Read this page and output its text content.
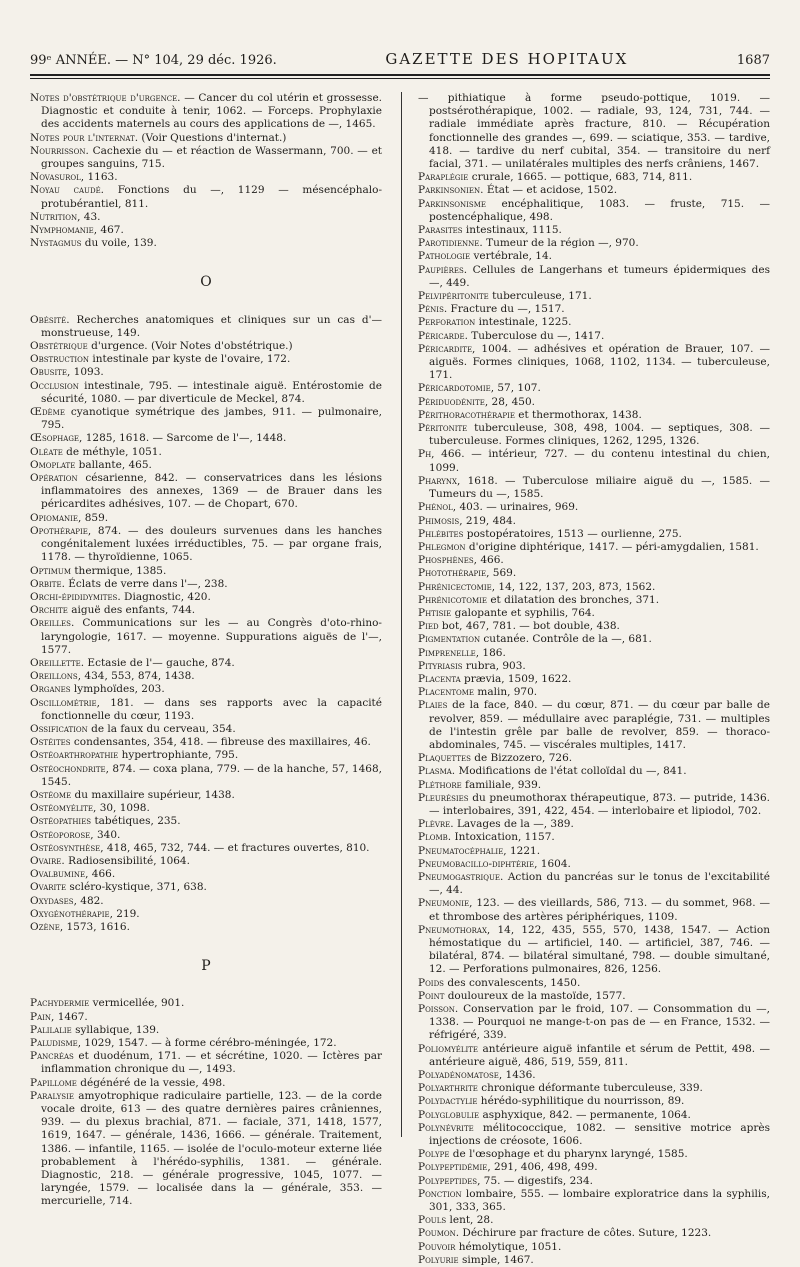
99ᵉ ANNÉE. — N° 104, 29 déc. 1926.	GAZETTE DES HOPITAUX	1687

Notes d'obstétrique d'urgence. — Cancer du col utérin et grossesse. Diagnostic et conduite à tenir, 1062. — Forceps. Prophylaxie des accidents maternels au cours des applications de —, 1465.

Notes pour l'internat. (Voir Questions d'internat.)

Nourrisson. Cachexie du — et réaction de Wassermann, 700. — et groupes sanguins, 715.

Novasurol, 1163.

Noyau caudé. Fonctions du —, 1129 — mésencéphalo-protubérantiel, 811.

Nutrition, 43.

Nymphomanie, 467.

Nystagmus du voile, 139.

O

Obésité. Recherches anatomiques et cliniques sur un cas d'— monstrueuse, 149.

Obstétrique d'urgence. (Voir Notes d'obstétrique.)

Obstruction intestinale par kyste de l'ovaire, 172.

Obusite, 1093.

Occlusion intestinale, 795. — intestinale aiguë. Entérostomie de sécurité, 1080. — par diverticule de Meckel, 874.

Œdème cyanotique symétrique des jambes, 911. — pulmonaire, 795.

Œsophage, 1285, 1618. — Sarcome de l'—, 1448.

Oléate de méthyle, 1051.

Omoplate ballante, 465.

Opération césarienne, 842. — conservatrices dans les lésions inflammatoires des annexes, 1369 — de Brauer dans les péricardites adhésives, 107. — de Chopart, 670.

Opiomanie, 859.

Opothérapie, 874. — des douleurs survenues dans les hanches congénitalement luxées irréductibles, 75. — par organe frais, 1178. — thyroïdienne, 1065.

Optimum thermique, 1385.

Orbite. Éclats de verre dans l'—, 238.

Orchi-épididymites. Diagnostic, 420.

Orchite aiguë des enfants, 744.

Oreilles. Communications sur les — au Congrès d'oto-rhino-laryngologie, 1617. — moyenne. Suppurations aiguës de l'—, 1577.

Oreillette. Ectasie de l'— gauche, 874.

Oreillons, 434, 553, 874, 1438.

Organes lymphoïdes, 203.

Oscillométrie, 181. — dans ses rapports avec la capacité fonctionnelle du cœur, 1193.

Ossification de la faux du cerveau, 354.

Ostéites condensantes, 354, 418. — fibreuse des maxillaires, 46.

Ostéoarthropathie hypertrophiante, 795.

Ostéochondrite, 874. — coxa plana, 779. — de la hanche, 57, 1468, 1545.

Ostéome du maxillaire supérieur, 1438.

Ostéomyélite, 30, 1098.

Ostéopathies tabétiques, 235.

Ostéoporose, 340.

Ostéosynthèse, 418, 465, 732, 744. — et fractures ouvertes, 810.

Ovaire. Radiosensibilité, 1064.

Ovalbumine, 466.

Ovarite scléro-kystique, 371, 638.

Oxydases, 482.

Oxygénothérapie, 219.

Ozène, 1573, 1616.

P

Pachydermie vermicellée, 901.

Pain, 1467.

Palilalie syllabique, 139.

Paludisme, 1029, 1547. — à forme cérébro-méningée, 172.

Pancréas et duodénum, 171. — et sécrétine, 1020. — Ictères par inflammation chronique du —, 1493.

Papillome dégénéré de la vessie, 498.

Paralysie amyotrophique radiculaire partielle, 123. — de la corde vocale droite, 613 — des quatre dernières paires crâniennes, 939. — du plexus brachial, 871. — faciale, 371, 1418, 1577, 1619, 1647. — générale, 1436, 1666. — générale. Traitement, 1386. — infantile, 1165. — isolée de l'oculo-moteur externe liée probablement à l'hérédo-syphilis, 1381. — générale. Diagnostic, 218. — générale progressive, 1045, 1077. — laryngée, 1579. — localisée dans la — générale, 353. — mercurielle, 714.

— pithiatique à forme pseudo-pottique, 1019. — postsérothérapique, 1002. — radiale, 93, 124, 731, 744. — radiale immédiate après fracture, 810. — Récupération fonctionnelle des grandes —, 699. — sciatique, 353. — tardive, 418. — tardive du nerf cubital, 354. — transitoire du nerf facial, 371. — unilatérales multiples des nerfs crâniens, 1467.

Paraplégie crurale, 1665. — pottique, 683, 714, 811.

Parkinsonien. État — et acidose, 1502.

Parkinsonisme encéphalitique, 1083. — fruste, 715. — postencéphalique, 498.

Parasites intestinaux, 1115.

Parotidienne. Tumeur de la région —, 970.

Pathologie vertébrale, 14.

Paupières. Cellules de Langerhans et tumeurs épidermiques des —, 449.

Pelvipéritonite tuberculeuse, 171.

Pénis. Fracture du —, 1517.

Perforation intestinale, 1225.

Péricarde. Tuberculose du —, 1417.

Péricardite, 1004. — adhésives et opération de Brauer, 107. — aiguës. Formes cliniques, 1068, 1102, 1134. — tuberculeuse, 171.

Péricardotomie, 57, 107.

Périduodénite, 28, 450.

Périthoracothérapie et thermothorax, 1438.

Péritonite tuberculeuse, 308, 498, 1004. — septiques, 308. — tuberculeuse. Formes cliniques, 1262, 1295, 1326.

Ph, 466. — intérieur, 727. — du contenu intestinal du chien, 1099.

Pharynx, 1618. — Tuberculose miliaire aiguë du —, 1585. — Tumeurs du —, 1585.

Phénol, 403. — urinaires, 969.

Phimosis, 219, 484.

Phlébites postopératoires, 1513 — ourlienne, 275.

Phlegmon d'origine diphtérique, 1417. — péri-amygdalien, 1581.

Phosphènes, 466.

Photothérapie, 569.

Phrénicectomie, 14, 122, 137, 203, 873, 1562.

Phrénicotomie et dilatation des bronches, 371.

Phtisie galopante et syphilis, 764.

Pied bot, 467, 781. — bot double, 438.

Pigmentation cutanée. Contrôle de la —, 681.

Pimprenelle, 186.

Pityriasis rubra, 903.

Placenta prævia, 1509, 1622.

Placentome malin, 970.

Plaies de la face, 840. — du cœur, 871. — du cœur par balle de revolver, 859. — médullaire avec paraplégie, 731. — multiples de l'intestin grêle par balle de revolver, 859. — thoraco-abdominales, 745. — viscérales multiples, 1417.

Plaquettes de Bizzozero, 726.

Plasma. Modifications de l'état colloïdal du —, 841.

Pléthore familiale, 939.

Pleurésies du pneumothorax thérapeutique, 873. — putride, 1436. — interlobaires, 391, 422, 454. — interlobaire et lipiodol, 702.

Plèvre. Lavages de la —, 389.

Plomb. Intoxication, 1157.

Pneumatocéphalie, 1221.

Pneumobacillo-diphtérie, 1604.

Pneumogastrique. Action du pancréas sur le tonus de l'excitabilité —, 44.

Pneumonie, 123. — des vieillards, 586, 713. — du sommet, 968. — et thrombose des artères périphériques, 1109.

Pneumothorax, 14, 122, 435, 555, 570, 1438, 1547. — Action hémostatique du — artificiel, 140. — artificiel, 387, 746. — bilatéral, 874. — bilatéral simultané, 798. — double simultané, 12. — Perforations pulmonaires, 826, 1256.

Poids des convalescents, 1450.

Point douloureux de la mastoïde, 1577.

Poisson. Conservation par le froid, 107. — Consommation du —, 1338. — Pourquoi ne mange-t-on pas de — en France, 1532. — réfrigéré, 339.

Poliomyélite antérieure aiguë infantile et sérum de Pettit, 498. — antérieure aiguë, 486, 519, 559, 811.

Polyadénomatose, 1436.

Polyarthrite chronique déformante tuberculeuse, 339.

Polydactylie hérédo-syphilitique du nourrisson, 89.

Polyglobulie asphyxique, 842. — permanente, 1064.

Polynévrite mélitococcique, 1082. — sensitive motrice après injections de créosote, 1606.

Polype de l'œsophage et du pharynx laryngé, 1585.

Polypeptidémie, 291, 406, 498, 499.

Polypeptides, 75. — digestifs, 234.

Ponction lombaire, 555. — lombaire exploratrice dans la syphilis, 301, 333, 365.

Pouls lent, 28.

Poumon. Déchirure par fracture de côtes. Suture, 1223.

Pouvoir hémolytique, 1051.

Polyurie simple, 1467.
